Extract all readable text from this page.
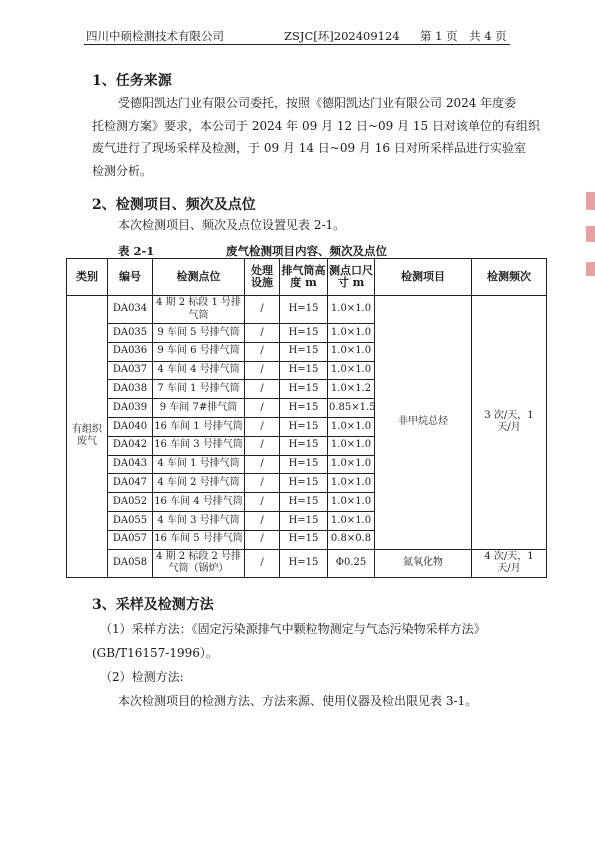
四川中硕检测技术有限公司	ZSJC[环]202409124 第 1 页　共 4 页
1、任务来源
受德阳凯达门业有限公司委托，按照《德阳凯达门业有限公司 2024 年度委
托检测方案》要求，本公司于 2024 年 09 月 12 日~09 月 15 日对该单位的有组织
废气进行了现场采样及检测，于 09 月 14 日~09 月 16 日对所采样品进行实验室
检测分析。
2、检测项目、频次及点位
本次检测项目、频次及点位设置见表 2-1。
表 2-1	废气检测项目内容、频次及点位
类别	编号	检测点位	处理设施	排气筒高度 m	测点口尺寸 m	检测项目	检测频次
有组织废气	DA034	4 期 2 标段 1 号排气筒	/	H=15	1.0×1.0	非甲烷总烃	3 次/天，1 天/月
	DA035	9 车间 5 号排气筒	/	H=15	1.0×1.0		
	DA036	9 车间 6 号排气筒	/	H=15	1.0×1.0		
	DA037	4 车间 4 号排气筒	/	H=15	1.0×1.0		
	DA038	7 车间 1 号排气筒	/	H=15	1.0×1.2		
	DA039	9 车间 7#排气筒	/	H=15	0.85×1.5		
	DA040	16 车间 1 号排气筒	/	H=15	1.0×1.0		
	DA042	16 车间 3 号排气筒	/	H=15	1.0×1.0		
	DA043	4 车间 1 号排气筒	/	H=15	1.0×1.0		
	DA047	4 车间 2 号排气筒	/	H=15	1.0×1.0		
	DA052	16 车间 4 号排气筒	/	H=15	1.0×1.0		
	DA055	4 车间 3 号排气筒	/	H=15	1.0×1.0		
	DA057	16 车间 5 号排气筒	/	H=15	0.8×0.8		
	DA058	4 期 2 标段 2 号排气筒（锅炉）	/	H=15	Φ0.25	氮氧化物	4 次/天，1 天/月
3、采样及检测方法
（1）采样方法：《固定污染源排气中颗粒物测定与气态污染物采样方法》
(GB/T16157-1996）。
（2）检测方法:
本次检测项目的检测方法、方法来源、使用仪器及检出限见表 3-1。
